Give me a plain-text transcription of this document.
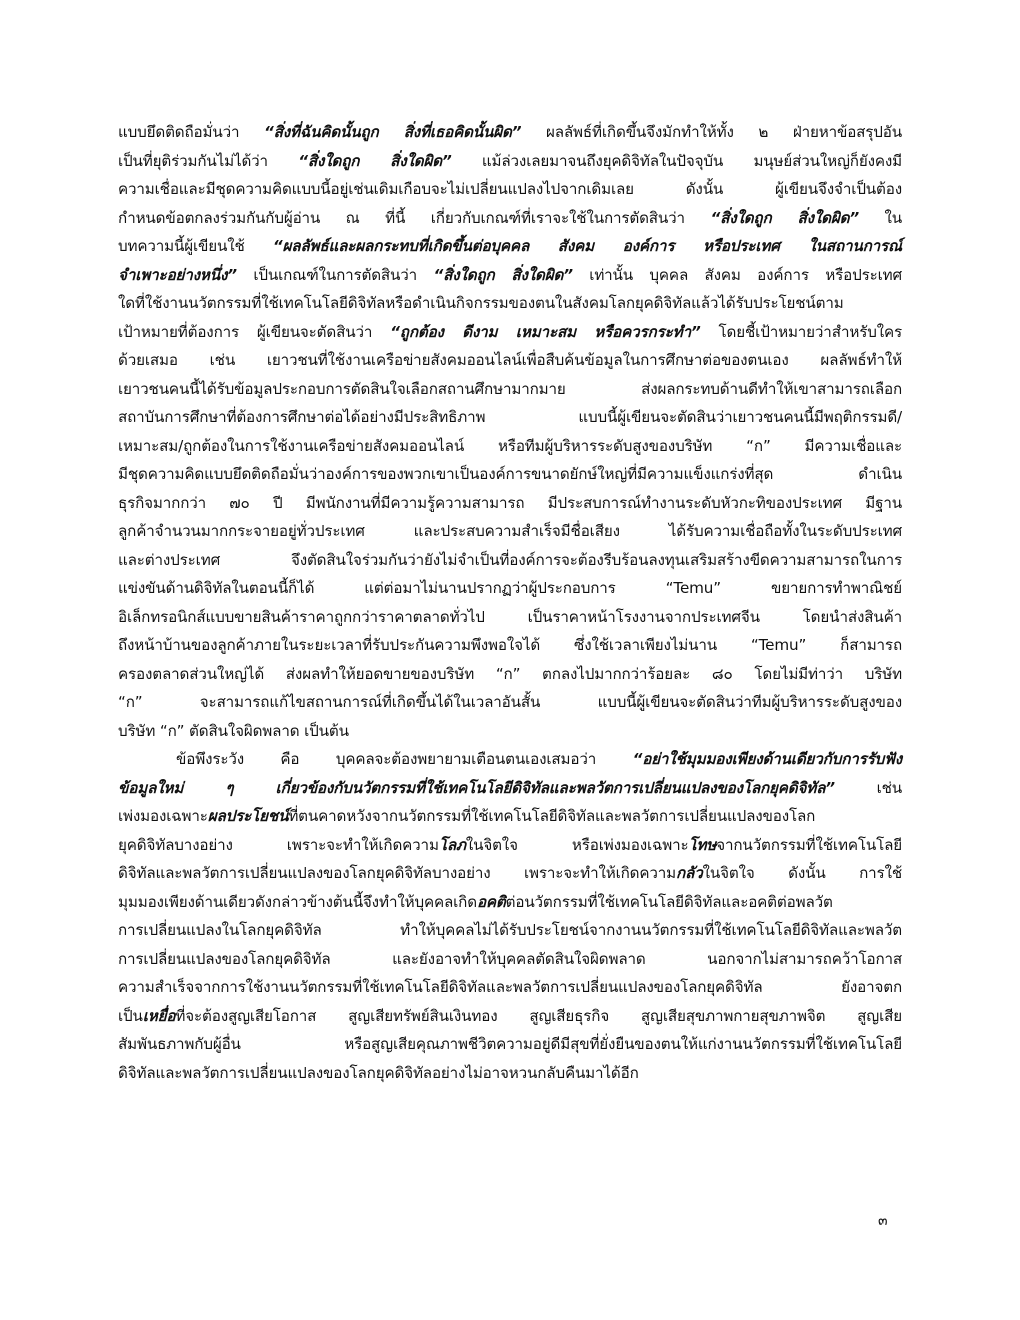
แบบยึดติดถือมั่นว่า “สิ่งที่ฉันคิดนั้นถูก สิ่งที่เธอคิดนั้นผิด” ผลลัพธ์ที่เกิดขึ้นจึงมักทำให้ทั้ง ๒ ฝ่ายหาข้อสรุปอัน
เป็นที่ยุติร่วมกันไม่ได้ว่า “สิ่งใดถูก สิ่งใดผิด” แม้ล่วงเลยมาจนถึงยุคดิจิทัลในปัจจุบัน มนุษย์ส่วนใหญ่ก็ยังคงมี
ความเชื่อและมีชุดความคิดแบบนี้อยู่เช่นเดิมเกือบจะไม่เปลี่ยนแปลงไปจากเดิมเลย ดังนั้น ผู้เขียนจึงจำเป็นต้อง
กำหนดข้อตกลงร่วมกันกับผู้อ่าน ณ ที่นี้ เกี่ยวกับเกณฑ์ที่เราจะใช้ในการตัดสินว่า “สิ่งใดถูก สิ่งใดผิด” ใน
บทความนี้ผู้เขียนใช้ “ผลลัพธ์และผลกระทบที่เกิดขึ้นต่อบุคคล สังคม องค์การ หรือประเทศ ในสถานการณ์
จำเพาะอย่างหนึ่ง” เป็นเกณฑ์ในการตัดสินว่า “สิ่งใดถูก สิ่งใดผิด” เท่านั้น บุคคล สังคม องค์การ หรือประเทศ
ใดที่ใช้งานนวัตกรรมที่ใช้เทคโนโลยีดิจิทัลหรือดำเนินกิจกรรมของตนในสังคมโลกยุคดิจิทัลแล้วได้รับประโยชน์ตาม
เป้าหมายที่ต้องการ ผู้เขียนจะตัดสินว่า “ถูกต้อง ดีงาม เหมาะสม หรือควรกระทำ” โดยชี้เป้าหมายว่าสำหรับใคร
ด้วยเสมอ เช่น เยาวชนที่ใช้งานเครือข่ายสังคมออนไลน์เพื่อสืบค้นข้อมูลในการศึกษาต่อของตนเอง ผลลัพธ์ทำให้
เยาวชนคนนี้ได้รับข้อมูลประกอบการตัดสินใจเลือกสถานศึกษามากมาย ส่งผลกระทบด้านดีทำให้เขาสามารถเลือก
สถาบันการศึกษาที่ต้องการศึกษาต่อได้อย่างมีประสิทธิภาพ แบบนี้ผู้เขียนจะตัดสินว่าเยาวชนคนนี้มีพฤติกรรมดี/
เหมาะสม/ถูกต้องในการใช้งานเครือข่ายสังคมออนไลน์ หรือทีมผู้บริหารระดับสูงของบริษัท “ก” มีความเชื่อและ
มีชุดความคิดแบบยึดติดถือมั่นว่าองค์การของพวกเขาเป็นองค์การขนาดยักษ์ใหญ่ที่มีความแข็งแกร่งที่สุด ดำเนิน
ธุรกิจมากกว่า ๗๐ ปี มีพนักงานที่มีความรู้ความสามารถ มีประสบการณ์ทำงานระดับหัวกะทิของประเทศ มีฐาน
ลูกค้าจำนวนมากกระจายอยู่ทั่วประเทศ และประสบความสำเร็จมีชื่อเสียง ได้รับความเชื่อถือทั้งในระดับประเทศ
และต่างประเทศ จึงตัดสินใจร่วมกันว่ายังไม่จำเป็นที่องค์การจะต้องรีบร้อนลงทุนเสริมสร้างขีดความสามารถในการ
แข่งขันด้านดิจิทัลในตอนนี้ก็ได้ แต่ต่อมาไม่นานปรากฏว่าผู้ประกอบการ “Temu” ขยายการทำพาณิชย์
อิเล็กทรอนิกส์แบบขายสินค้าราคาถูกกว่าราคาตลาดทั่วไป เป็นราคาหน้าโรงงานจากประเทศจีน โดยนำส่งสินค้า
ถึงหน้าบ้านของลูกค้าภายในระยะเวลาที่รับประกันความพึงพอใจได้ ซึ่งใช้เวลาเพียงไม่นาน “Temu” ก็สามารถ
ครองตลาดส่วนใหญ่ได้ ส่งผลทำให้ยอดขายของบริษัท “ก” ตกลงไปมากกว่าร้อยละ ๘๐ โดยไม่มีท่าว่า บริษัท
“ก” จะสามารถแก้ไขสถานการณ์ที่เกิดขึ้นได้ในเวลาอันสั้น แบบนี้ผู้เขียนจะตัดสินว่าทีมผู้บริหารระดับสูงของ
บริษัท “ก” ตัดสินใจผิดพลาด เป็นต้น
ข้อพึงระวัง คือ บุคคลจะต้องพยายามเตือนตนเองเสมอว่า “อย่าใช้มุมมองเพียงด้านเดียวกับการรับฟัง
ข้อมูลใหม่ ๆ เกี่ยวข้องกับนวัตกรรมที่ใช้เทคโนโลยีดิจิทัลและพลวัตการเปลี่ยนแปลงของโลกยุคดิจิทัล” เช่น
เพ่งมองเฉพาะผลประโยชน์ที่ตนคาดหวังจากนวัตกรรมที่ใช้เทคโนโลยีดิจิทัลและพลวัตการเปลี่ยนแปลงของโลก
ยุคดิจิทัลบางอย่าง เพราะจะทำให้เกิดความโลภในจิตใจ หรือเพ่งมองเฉพาะโทษจากนวัตกรรมที่ใช้เทคโนโลยี
ดิจิทัลและพลวัตการเปลี่ยนแปลงของโลกยุคดิจิทัลบางอย่าง เพราะจะทำให้เกิดความกลัวในจิตใจ ดังนั้น การใช้
มุมมองเพียงด้านเดียวดังกล่าวข้างต้นนี้จึงทำให้บุคคลเกิดอคติต่อนวัตกรรมที่ใช้เทคโนโลยีดิจิทัลและอคติต่อพลวัต
การเปลี่ยนแปลงในโลกยุคดิจิทัล ทำให้บุคคลไม่ได้รับประโยชน์จากงานนวัตกรรมที่ใช้เทคโนโลยีดิจิทัลและพลวัต
การเปลี่ยนแปลงของโลกยุคดิจิทัล และยังอาจทำให้บุคคลตัดสินใจผิดพลาด นอกจากไม่สามารถคว้าโอกาส
ความสำเร็จจากการใช้งานนวัตกรรมที่ใช้เทคโนโลยีดิจิทัลและพลวัตการเปลี่ยนแปลงของโลกยุคดิจิทัล ยังอาจตก
เป็นเหยื่อที่จะต้องสูญเสียโอกาส สูญเสียทรัพย์สินเงินทอง สูญเสียธุรกิจ สูญเสียสุขภาพกายสุขภาพจิต สูญเสีย
สัมพันธภาพกับผู้อื่น หรือสูญเสียคุณภาพชีวิตความอยู่ดีมีสุขที่ยั่งยืนของตนให้แก่งานนวัตกรรมที่ใช้เทคโนโลยี
ดิจิทัลและพลวัตการเปลี่ยนแปลงของโลกยุคดิจิทัลอย่างไม่อาจหวนกลับคืนมาได้อีก
๓
